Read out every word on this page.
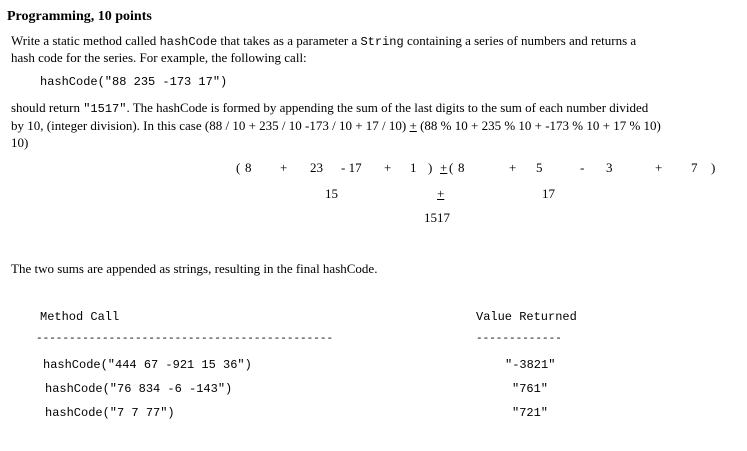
Programming, 10 points
Write a static method called hashCode that takes as a parameter a String containing a series of numbers and returns a
hash code for the series. For example, the following call:
hashCode("88 235 -173 17")
should return "1517". The hashCode is formed by appending the sum of the last digits to the sum of each number divided
by 10, (integer division). In this case (88 / 10 + 235 / 10 -173 / 10 + 17 / 10) + (88 % 10 + 235 % 10 + -173 % 10 + 17 % 10)
10)
( 8 + 23 - 17 + 1 ) + ( 8	+ 5	- 3	+ 7 )
15	+	17
1517
The two sums are appended as strings, resulting in the final hashCode.
Method Call	Value Returned
---------------------------------------------	-------------
hashCode("444 67 -921 15 36")	"-3821"
hashCode("76 834 -6 -143")	"761"
hashCode("7 7 77")	"721"
